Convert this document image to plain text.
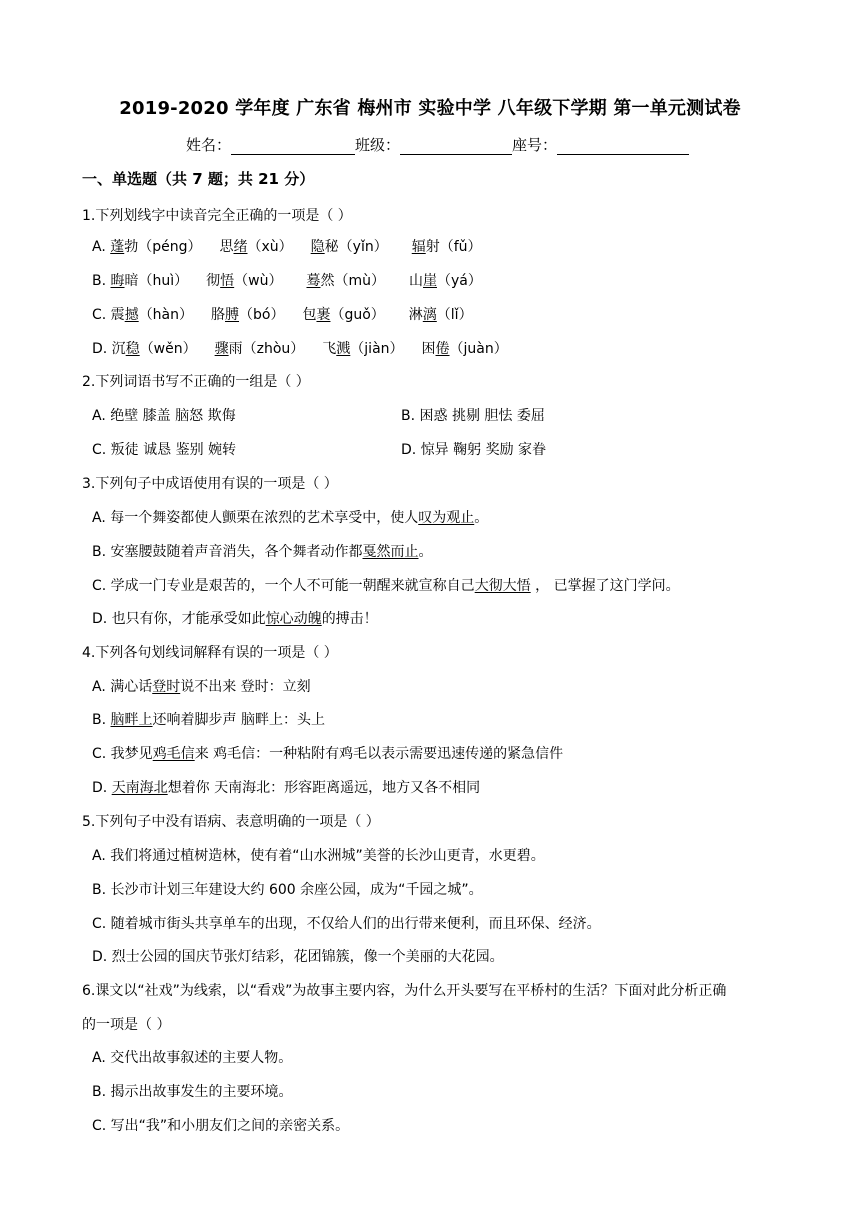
2019-2020 学年度 广东省 梅州市 实验中学 八年级下学期 第一单元测试卷
姓名：	班级：	座号：
一、单选题（共 7 题；共 21 分）
1.下列划线字中读音完全正确的一项是（ ）
A. 蓬勃（péng） 思绪（xù） 隐秘（yǐn） 辐射（fǔ）
B. 晦暗（huì） 彻悟（wù） 蓦然（mù） 山崖（yá）
C. 震撼（hàn） 胳膊（bó） 包裹（guǒ） 淋漓（lǐ）
D. 沉稳（wěn） 骤雨（zhòu） 飞溅（jiàn） 困倦（juàn）
2.下列词语书写不正确的一组是（ ）
A. 绝壁 膝盖 脑怒 欺侮	B. 困惑 挑剔 胆怯 委屈
C. 叛徒 诚恳 鉴别 婉转	D. 惊异 鞠躬 奖励 家眷
3.下列句子中成语使用有误的一项是（ ）
A. 每一个舞姿都使人颤栗在浓烈的艺术享受中，使人叹为观止。
B. 安塞腰鼓随着声音消失，各个舞者动作都戛然而止。
C. 学成一门专业是艰苦的，一个人不可能一朝醒来就宣称自己大彻大悟 ， 已掌握了这门学问。
D. 也只有你，才能承受如此惊心动魄的搏击！
4.下列各句划线词解释有误的一项是（ ）
A. 满心话登时说不出来 登时：立刻
B. 脑畔上还响着脚步声 脑畔上：头上
C. 我梦见鸡毛信来 鸡毛信：一种粘附有鸡毛以表示需要迅速传递的紧急信件
D. 天南海北想着你 天南海北：形容距离遥远，地方又各不相同
5.下列句子中没有语病、表意明确的一项是（ ）
A. 我们将通过植树造林，使有着“山水洲城”美誉的长沙山更青，水更碧。
B. 长沙市计划三年建设大约 600 余座公园，成为“千园之城”。
C. 随着城市街头共享单车的出现，不仅给人们的出行带来便利，而且环保、经济。
D. 烈士公园的国庆节张灯结彩，花团锦簇，像一个美丽的大花园。
6.课文以“社戏”为线索，以“看戏”为故事主要内容，为什么开头要写在平桥村的生活？下面对此分析正确
的一项是（ ）
A. 交代出故事叙述的主要人物。
B. 揭示出故事发生的主要环境。
C. 写出“我”和小朋友们之间的亲密关系。
